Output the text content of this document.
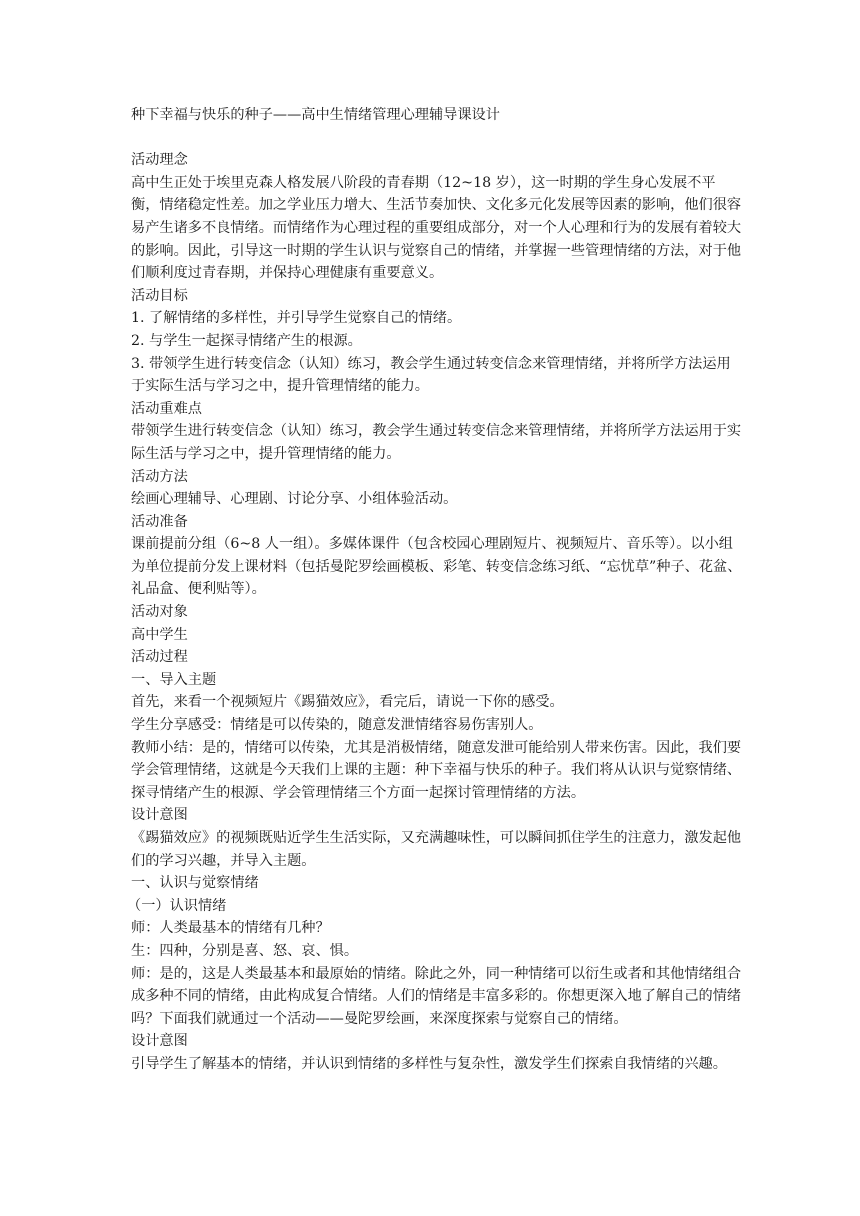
种下幸福与快乐的种子——高中生情绪管理心理辅导课设计
活动理念
高中生正处于埃里克森人格发展八阶段的青春期（12~18 岁），这一时期的学生身心发展不平衡，情绪稳定性差。加之学业压力增大、生活节奏加快、文化多元化发展等因素的影响，他们很容易产生诸多不良情绪。而情绪作为心理过程的重要组成部分，对一个人心理和行为的发展有着较大的影响。因此，引导这一时期的学生认识与觉察自己的情绪，并掌握一些管理情绪的方法，对于他们顺利度过青春期，并保持心理健康有重要意义。
活动目标
1. 了解情绪的多样性，并引导学生觉察自己的情绪。
2. 与学生一起探寻情绪产生的根源。
3. 带领学生进行转变信念（认知）练习，教会学生通过转变信念来管理情绪，并将所学方法运用于实际生活与学习之中，提升管理情绪的能力。
活动重难点
带领学生进行转变信念（认知）练习，教会学生通过转变信念来管理情绪，并将所学方法运用于实际生活与学习之中，提升管理情绪的能力。
活动方法
绘画心理辅导、心理剧、讨论分享、小组体验活动。
活动准备
课前提前分组（6~8 人一组）。多媒体课件（包含校园心理剧短片、视频短片、音乐等）。以小组为单位提前分发上课材料（包括曼陀罗绘画模板、彩笔、转变信念练习纸、“忘忧草”种子、花盆、礼品盒、便利贴等）。
活动对象
高中学生
活动过程
一、导入主题
首先，来看一个视频短片《踢猫效应》，看完后，请说一下你的感受。
学生分享感受：情绪是可以传染的，随意发泄情绪容易伤害别人。
教师小结：是的，情绪可以传染，尤其是消极情绪，随意发泄可能给别人带来伤害。因此，我们要学会管理情绪，这就是今天我们上课的主题：种下幸福与快乐的种子。我们将从认识与觉察情绪、探寻情绪产生的根源、学会管理情绪三个方面一起探讨管理情绪的方法。
设计意图
《踢猫效应》的视频既贴近学生生活实际，又充满趣味性，可以瞬间抓住学生的注意力，激发起他们的学习兴趣，并导入主题。
一、认识与觉察情绪
（一）认识情绪
师：人类最基本的情绪有几种？
生：四种，分别是喜、怒、哀、惧。
师：是的，这是人类最基本和最原始的情绪。除此之外，同一种情绪可以衍生或者和其他情绪组合成多种不同的情绪，由此构成复合情绪。人们的情绪是丰富多彩的。你想更深入地了解自己的情绪吗？下面我们就通过一个活动——曼陀罗绘画，来深度探索与觉察自己的情绪。
设计意图
引导学生了解基本的情绪，并认识到情绪的多样性与复杂性，激发学生们探索自我情绪的兴趣。
